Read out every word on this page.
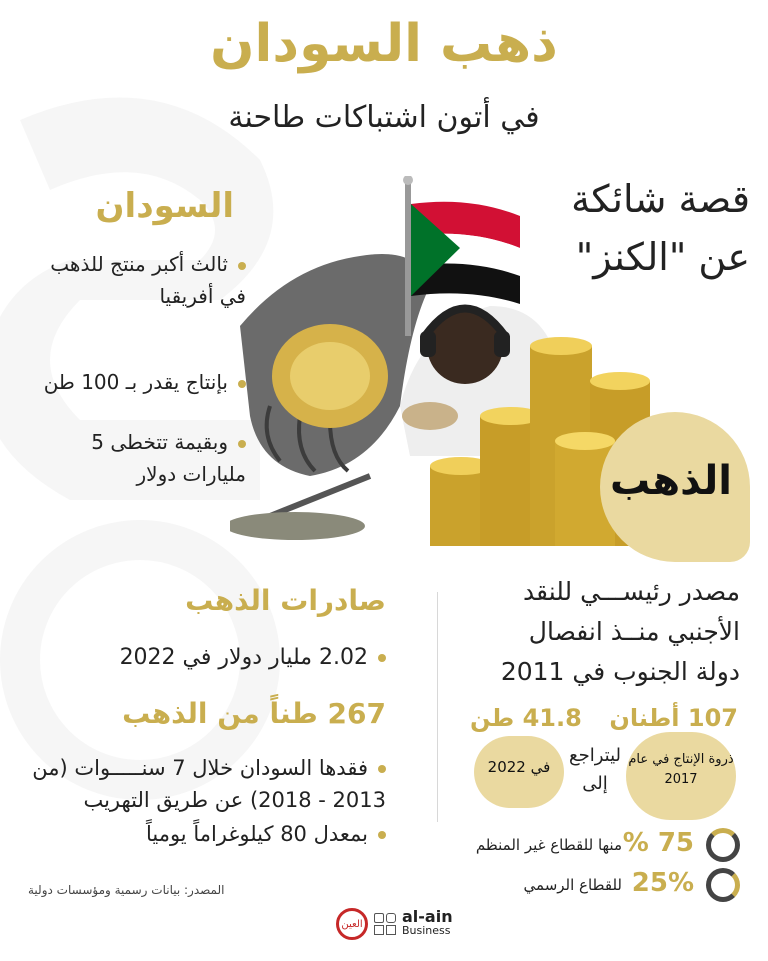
ذهب السودان
في أتون اشتباكات طاحنة
قصة شائكة
عن "الكنز"
السودان
ثالث أكبر منتج للذهب في أفريقيا
بإنتاج يقدر بـ 100 طن
وبقيمة تتخطى 5 مليارات دولار	الذهب
مصدر رئيســـي للنقد
الأجنبي منــذ انفصال
دولة الجنوب في 2011
صادرات الذهب
2.02 مليار دولار في 2022
267 طناً من الذهب
فقدها السودان خلال 7 سنـــــوات (من 2013 - 2018) عن طريق التهريب
بمعدل 80 كيلوغراماً يومياً
107 أطنان
ذروة الإنتاج في عام 2017
ليتراجع إلى
41.8 طن
في 2022
75 %
منها للقطاع غير المنظم
25%
للقطاع الرسمي
المصدر: بيانات رسمية ومؤسسات دولية
العين al-ain
Business
